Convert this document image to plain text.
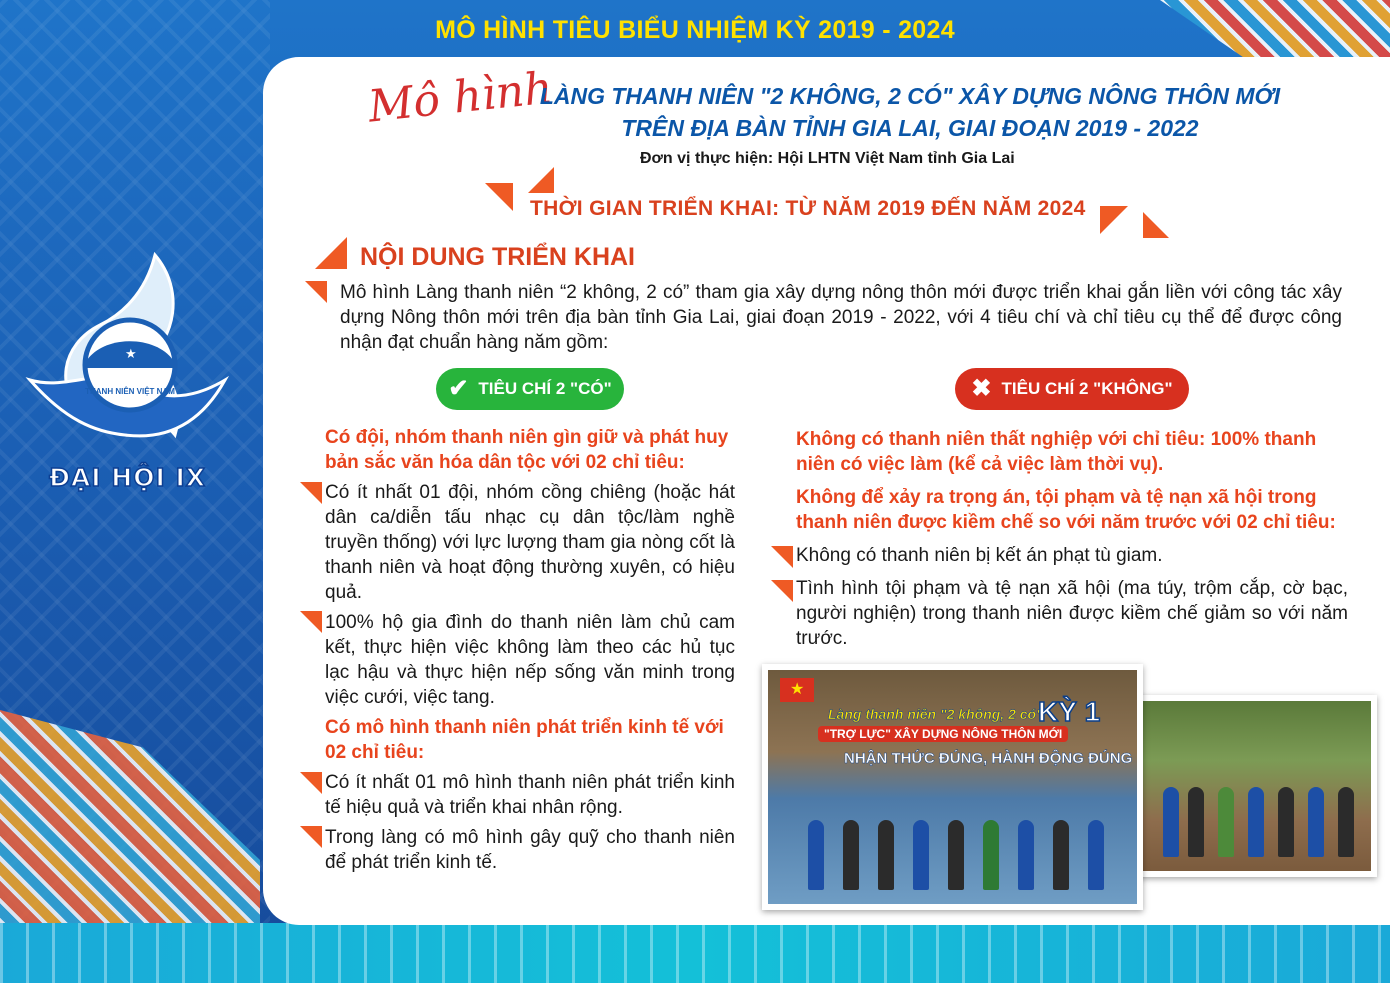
MÔ HÌNH TIÊU BIỂU NHIỆM KỲ 2019 - 2024
★
THANH NIÊN VIỆT NAM
ĐẠI HỘI IX
Mô hình
LÀNG THANH NIÊN "2 KHÔNG, 2 CÓ" XÂY DỰNG NÔNG THÔN MỚI
TRÊN ĐỊA BÀN TỈNH GIA LAI, GIAI ĐOẠN 2019 - 2022
Đơn vị thực hiện: Hội LHTN Việt Nam tỉnh Gia Lai
THỜI GIAN TRIỂN KHAI: TỪ NĂM 2019 ĐẾN NĂM 2024
NỘI DUNG TRIỂN KHAI
Mô hình Làng thanh niên “2 không, 2 có” tham gia xây dựng nông thôn mới được triển khai gắn liền với công tác xây dựng Nông thôn mới trên địa bàn tỉnh Gia Lai, giai đoạn 2019 - 2022, với 4 tiêu chí và chỉ tiêu cụ thể để được công nhận đạt chuẩn hàng năm gồm:
✔ TIÊU CHÍ 2 "CÓ"	✖ TIÊU CHÍ 2 "KHÔNG"
Có đội, nhóm thanh niên gìn giữ và phát huy bản sắc văn hóa dân tộc với 02 chỉ tiêu:
Có ít nhất 01 đội, nhóm cồng chiêng (hoặc hát dân ca/diễn tấu nhạc cụ dân tộc/làm nghề truyền thống) với lực lượng tham gia nòng cốt là thanh niên và hoạt động thường xuyên, có hiệu quả.
100% hộ gia đình do thanh niên làm chủ cam kết, thực hiện việc không làm theo các hủ tục lạc hậu và thực hiện nếp sống văn minh trong việc cưới, việc tang.
Có mô hình thanh niên phát triển kinh tế với 02 chỉ tiêu:
Có ít nhất 01 mô hình thanh niên phát triển kinh tế hiệu quả và triển khai nhân rộng.
Trong làng có mô hình gây quỹ cho thanh niên để phát triển kinh tế.
Không có thanh niên thất nghiệp với chỉ tiêu: 100% thanh niên có việc làm (kể cả việc làm thời vụ).
Không để xảy ra trọng án, tội phạm và tệ nạn xã hội trong thanh niên được kiềm chế so với năm trước với 02 chỉ tiêu:
Không có thanh niên bị kết án phạt tù giam.
Tình hình tội phạm và tệ nạn xã hội (ma túy, trộm cắp, cờ bạc, người nghiện) trong thanh niên được kiềm chế giảm so với năm trước.
★
Làng thanh niên "2 không, 2 có"
"TRỢ LỰC" XÂY DỰNG NÔNG THÔN MỚI
KỲ 1
NHẬN THỨC ĐÚNG, HÀNH ĐỘNG ĐÚNG
